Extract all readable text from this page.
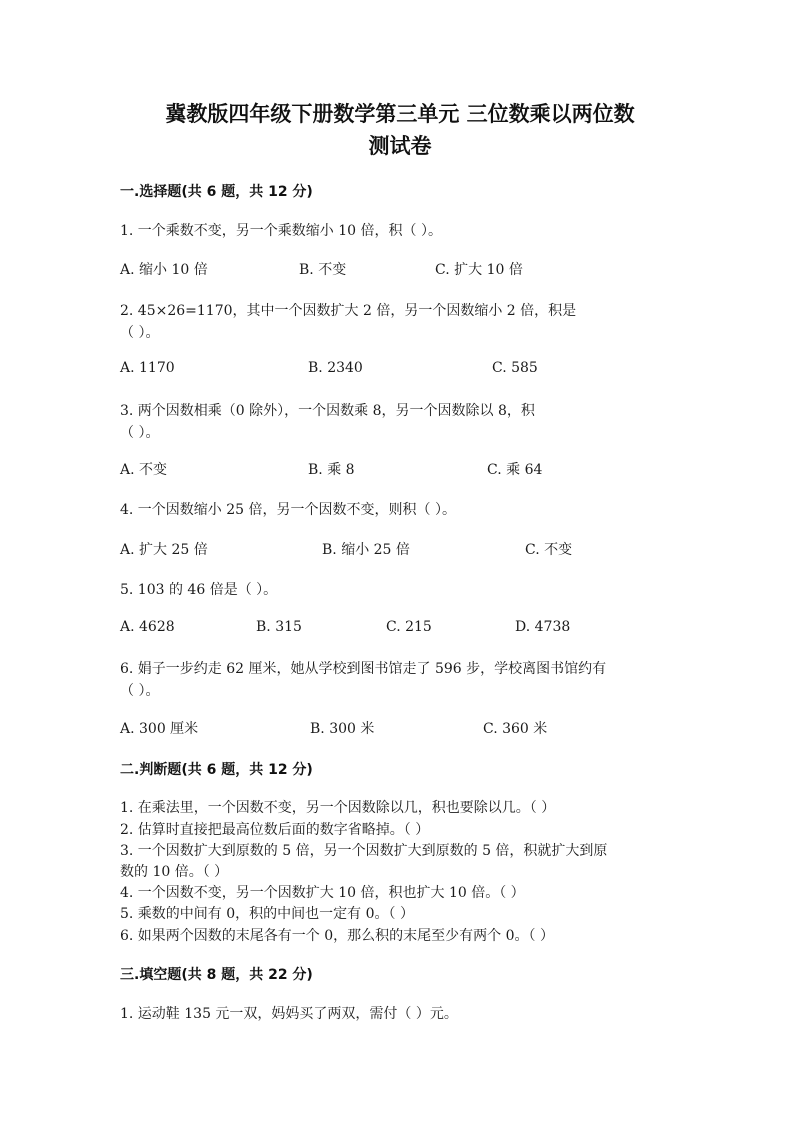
冀教版四年级下册数学第三单元 三位数乘以两位数
测试卷
一.选择题(共 6 题，共 12 分)
1. 一个乘数不变，另一个乘数缩小 10 倍，积（ ）。
A. 缩小 10 倍	B. 不变	C. 扩大 10 倍
2. 45×26=1170，其中一个因数扩大 2 倍，另一个因数缩小 2 倍，积是
（ ）。
A. 1170	B. 2340	C. 585
3. 两个因数相乘（0 除外），一个因数乘 8，另一个因数除以 8，积
（ ）。
A. 不变	B. 乘 8	C. 乘 64
4. 一个因数缩小 25 倍，另一个因数不变，则积（ ）。
A. 扩大 25 倍	B. 缩小 25 倍	C. 不变
5. 103 的 46 倍是（ ）。
A. 4628	B. 315	C. 215	D. 4738
6. 娟子一步约走 62 厘米，她从学校到图书馆走了 596 步，学校离图书馆约有
（ ）。
A. 300 厘米	B. 300 米	C. 360 米
二.判断题(共 6 题，共 12 分)
1. 在乘法里，一个因数不变，另一个因数除以几，积也要除以几。（ ）
2. 估算时直接把最高位数后面的数字省略掉。（ ）
3. 一个因数扩大到原数的 5 倍，另一个因数扩大到原数的 5 倍，积就扩大到原
数的 10 倍。（ ）
4. 一个因数不变，另一个因数扩大 10 倍，积也扩大 10 倍。（ ）
5. 乘数的中间有 0，积的中间也一定有 0。（ ）
6. 如果两个因数的末尾各有一个 0，那么积的末尾至少有两个 0。（ ）
三.填空题(共 8 题，共 22 分)
1. 运动鞋 135 元一双，妈妈买了两双，需付（ ）元。
